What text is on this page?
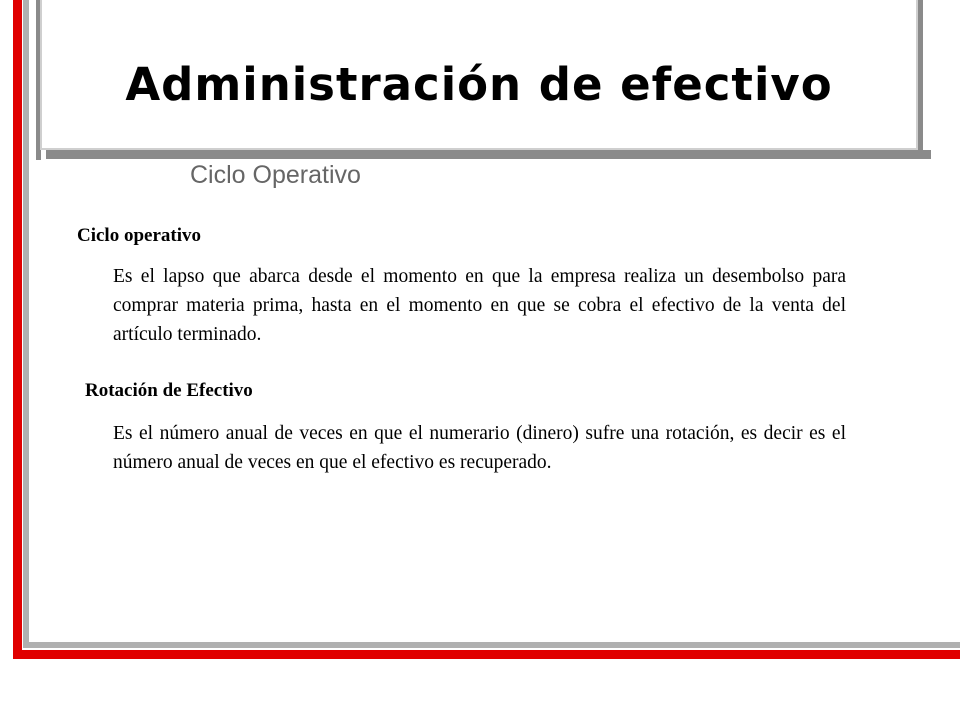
Administración de efectivo
Ciclo Operativo
Ciclo operativo
Es el lapso que abarca desde el momento en que la empresa realiza un desembolso para comprar materia prima, hasta en el momento en que se cobra el efectivo de la venta del artículo terminado.
Rotación de Efectivo
Es el número anual de veces en que el numerario (dinero) sufre una rotación, es decir es el número anual de veces en que el efectivo es recuperado.
